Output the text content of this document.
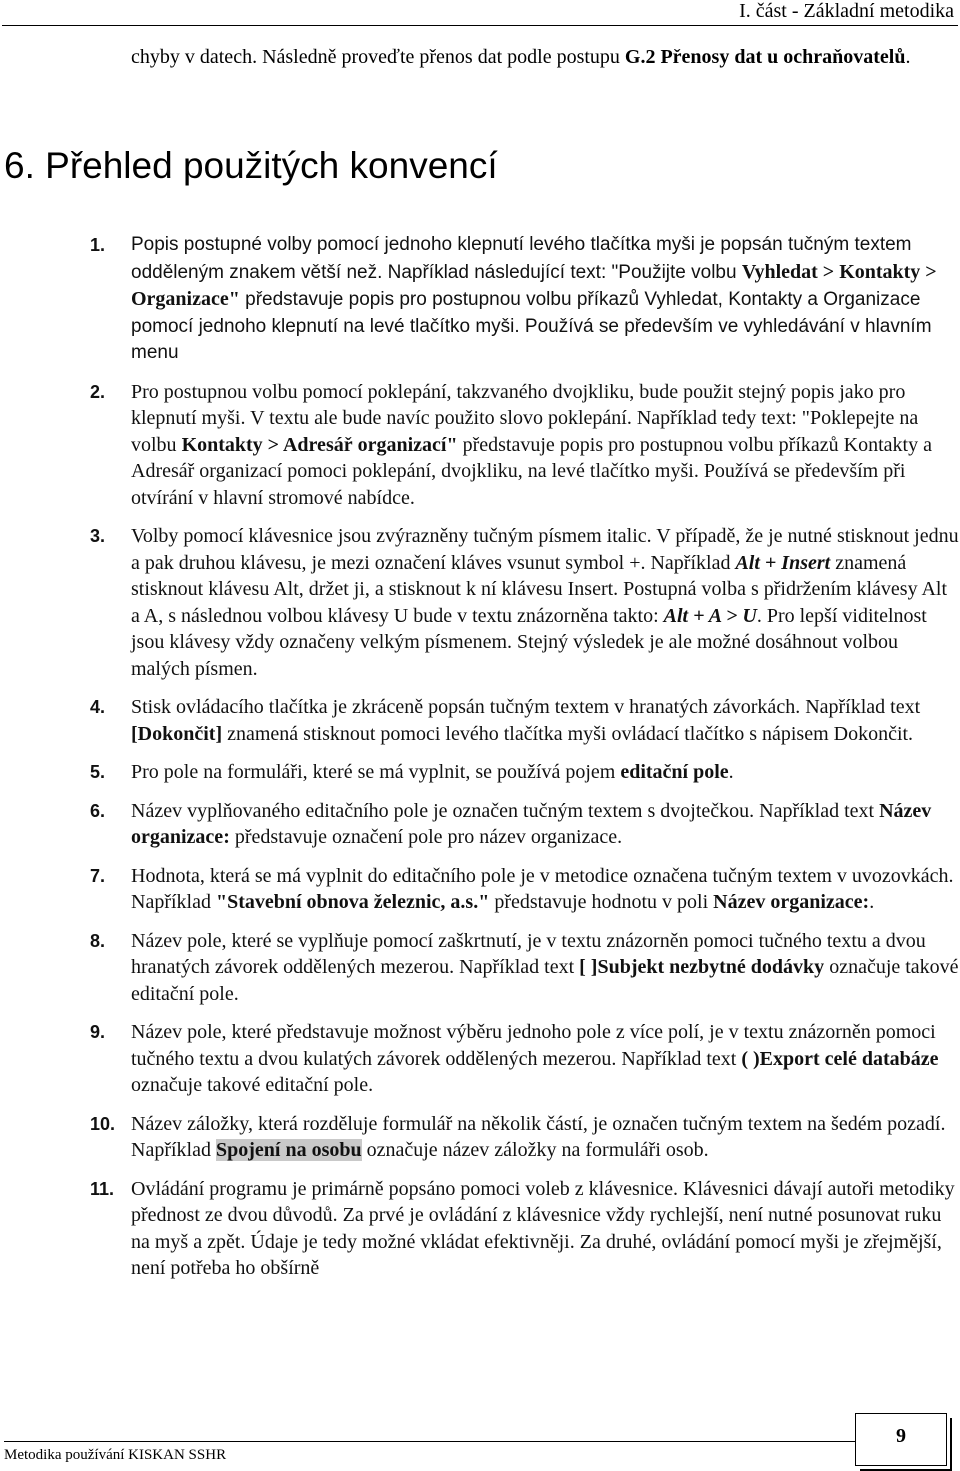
I. část - Základní metodika
chyby v datech. Následně proveďte přenos dat podle postupu G.2 Přenosy dat u ochraňovatelů.
6. Přehled použitých konvencí
1. Popis postupné volby pomocí jednoho klepnutí levého tlačítka myši je popsán tučným textem odděleným znakem větší než. Například následující text: "Použijte volbu Vyhledat > Kontakty > Organizace" představuje popis pro postupnou volbu příkazů Vyhledat, Kontakty a Organizace pomocí jednoho klepnutí na levé tlačítko myši. Používá se především ve vyhledávání v hlavním menu
2. Pro postupnou volbu pomocí poklepání, takzvaného dvojkliku, bude použit stejný popis jako pro klepnutí myši. V textu ale bude navíc použito slovo poklepání. Například tedy text: "Poklepejte na volbu Kontakty > Adresář organizací" představuje popis pro postupnou volbu příkazů Kontakty a Adresář organizací pomoci poklepání, dvojkliku, na levé tlačítko myši. Používá se především při otvírání v hlavní stromové nabídce.
3. Volby pomocí klávesnice jsou zvýrazněny tučným písmem italic. V případě, že je nutné stisknout jednu a pak druhou klávesu, je mezi označení kláves vsunut symbol +. Například Alt + Insert znamená stisknout klávesu Alt, držet ji, a stisknout k ní klávesu Insert. Postupná volba s přidržením klávesy Alt a A, s následnou volbou klávesy U bude v textu znázorněna takto: Alt + A > U. Pro lepší viditelnost jsou klávesy vždy označeny velkým písmenem. Stejný výsledek je ale možné dosáhnout volbou malých písmen.
4. Stisk ovládacího tlačítka je zkráceně popsán tučným textem v hranatých závorkách. Například text [Dokončit] znamená stisknout pomoci levého tlačítka myši ovládací tlačítko s nápisem Dokončit.
5. Pro pole na formuláři, které se má vyplnit, se používá pojem editační pole.
6. Název vyplňovaného editačního pole je označen tučným textem s dvojtečkou. Například text Název organizace: představuje označení pole pro název organizace.
7. Hodnota, která se má vyplnit do editačního pole je v metodice označena tučným textem v uvozovkách. Například "Stavební obnova železnic, a.s." představuje hodnotu v poli Název organizace:.
8. Název pole, které se vyplňuje pomocí zaškrtnutí, je v textu znázorněn pomoci tučného textu a dvou hranatých závorek oddělených mezerou. Například text [ ]Subjekt nezbytné dodávky označuje takové editační pole.
9. Název pole, které představuje možnost výběru jednoho pole z více polí, je v textu znázorněn pomoci tučného textu a dvou kulatých závorek oddělených mezerou. Například text ( )Export celé databáze označuje takové editační pole.
10. Název záložky, která rozděluje formulář na několik částí, je označen tučným textem na šedém pozadí. Například Spojení na osobu označuje název záložky na formuláři osob.
11. Ovládání programu je primárně popsáno pomoci voleb z klávesnice. Klávesnici dávají autoři metodiky přednost ze dvou důvodů. Za prvé je ovládání z klávesnice vždy rychlejší, není nutné posunovat ruku na myš a zpět. Údaje je tedy možné vkládat efektivněji. Za druhé, ovládání pomocí myši je zřejmější, není potřeba ho obšírně
Metodika používání KISKAN SSHR
9
